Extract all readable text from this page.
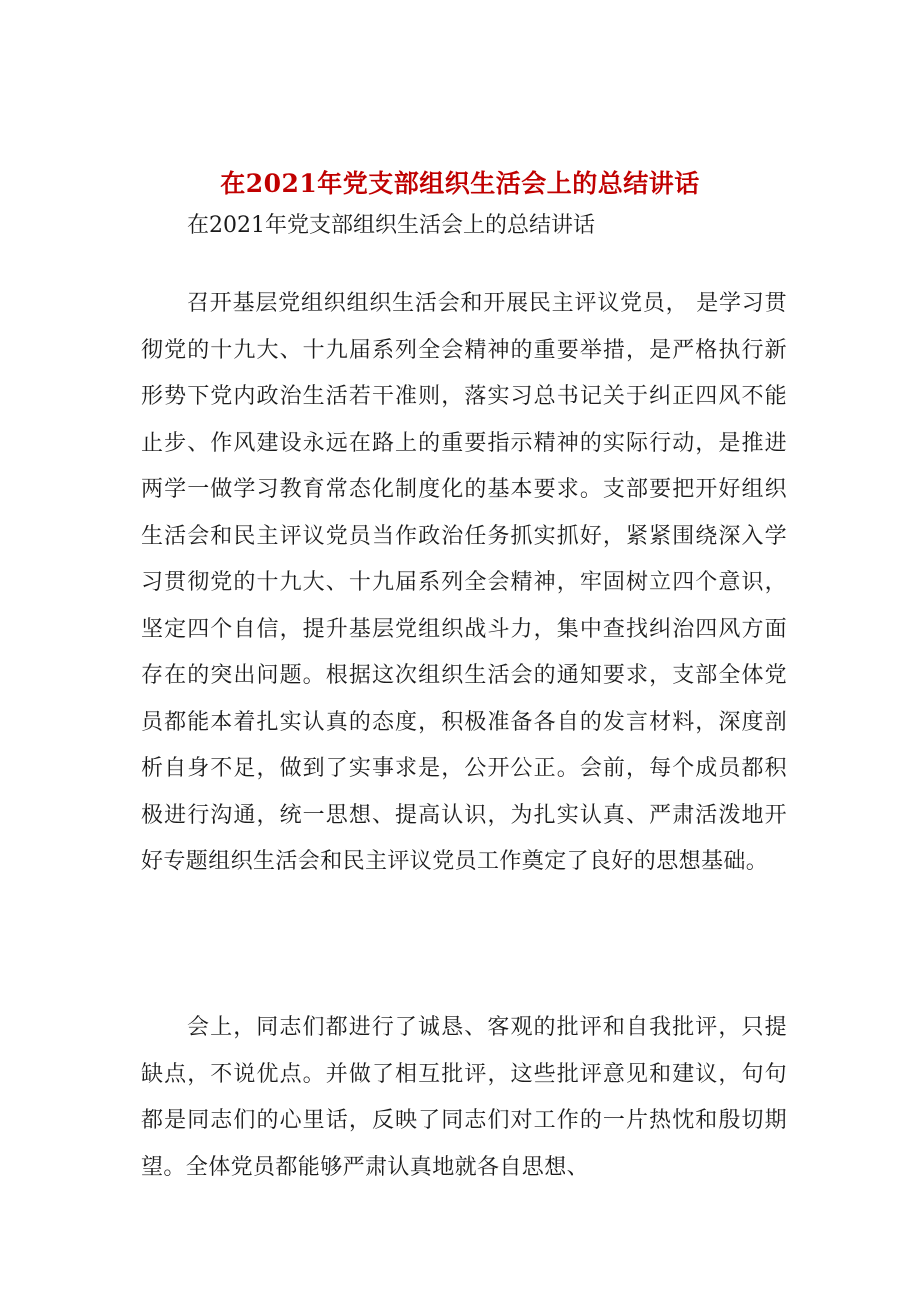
在2021年党支部组织生活会上的总结讲话

在2021年党支部组织生活会上的总结讲话

召开基层党组织组织生活会和开展民主评议党员， 是学习贯彻党的十九大、十九届系列全会精神的重要举措，是严格执行新形势下党内政治生活若干准则，落实习总书记关于纠正四风不能止步、作风建设永远在路上的重要指示精神的实际行动，是推进两学一做学习教育常态化制度化的基本要求。支部要把开好组织生活会和民主评议党员当作政治任务抓实抓好，紧紧围绕深入学习贯彻党的十九大、十九届系列全会精神，牢固树立四个意识，坚定四个自信，提升基层党组织战斗力，集中查找纠治四风方面存在的突出问题。根据这次组织生活会的通知要求，支部全体党员都能本着扎实认真的态度，积极准备各自的发言材料，深度剖析自身不足，做到了实事求是，公开公正。会前，每个成员都积极进行沟通，统一思想、提高认识，为扎实认真、严肃活泼地开好专题组织生活会和民主评议党员工作奠定了良好的思想基础。

会上，同志们都进行了诚恳、客观的批评和自我批评，只提缺点，不说优点。并做了相互批评，这些批评意见和建议，句句都是同志们的心里话，反映了同志们对工作的一片热忱和殷切期望。全体党员都能够严肃认真地就各自思想、
